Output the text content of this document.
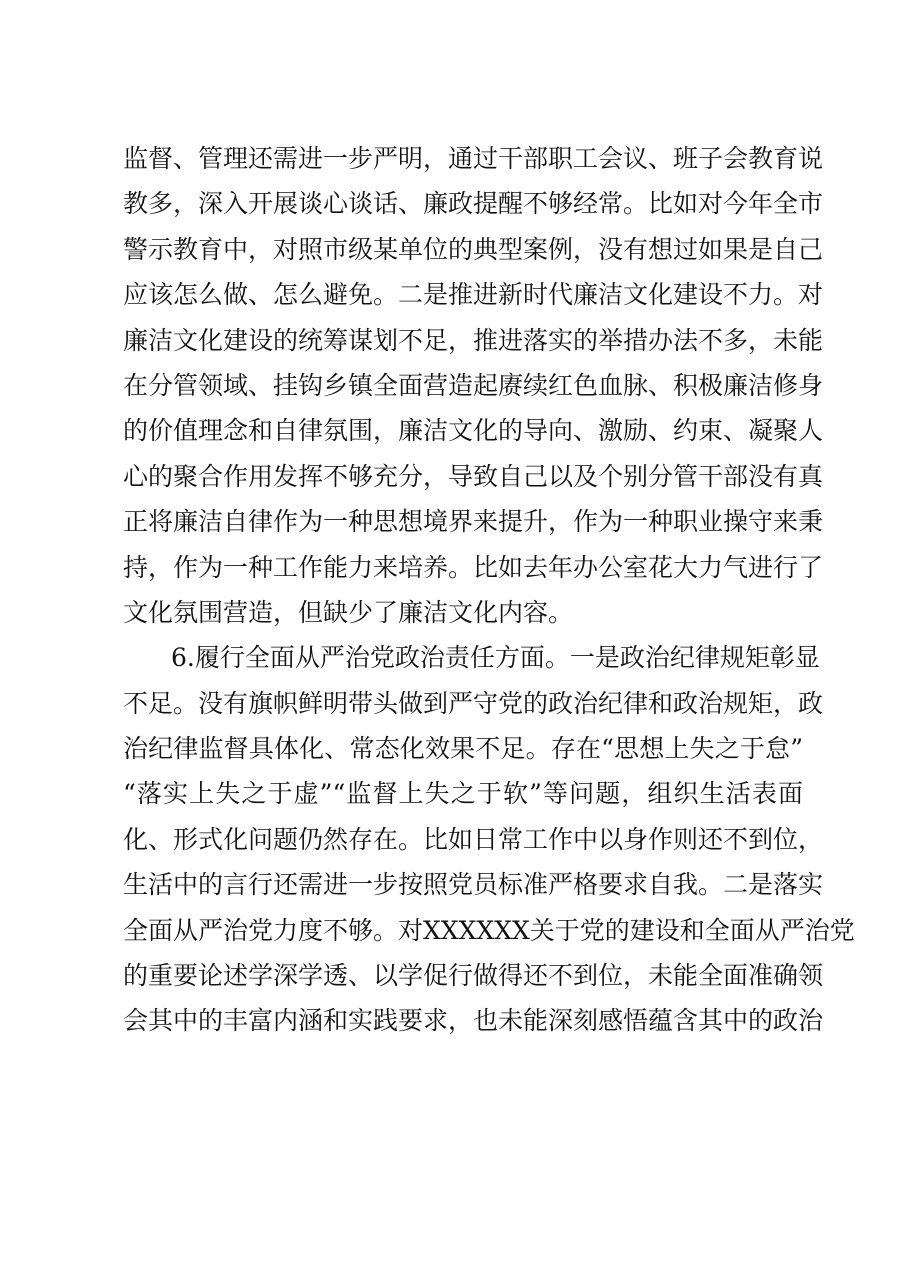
监督、管理还需进一步严明，通过干部职工会议、班子会教育说
教多，深入开展谈心谈话、廉政提醒不够经常。比如对今年全市
警示教育中，对照市级某单位的典型案例，没有想过如果是自己
应该怎么做、怎么避免。二是推进新时代廉洁文化建设不力。对
廉洁文化建设的统筹谋划不足，推进落实的举措办法不多，未能
在分管领域、挂钩乡镇全面营造起赓续红色血脉、积极廉洁修身
的价值理念和自律氛围，廉洁文化的导向、激励、约束、凝聚人
心的聚合作用发挥不够充分，导致自己以及个别分管干部没有真
正将廉洁自律作为一种思想境界来提升，作为一种职业操守来秉
持，作为一种工作能力来培养。比如去年办公室花大力气进行了
文化氛围营造，但缺少了廉洁文化内容。
6.履行全面从严治党政治责任方面。一是政治纪律规矩彰显
不足。没有旗帜鲜明带头做到严守党的政治纪律和政治规矩，政
治纪律监督具体化、常态化效果不足。存在“思想上失之于怠”
“落实上失之于虚”“监督上失之于软”等问题，组织生活表面
化、形式化问题仍然存在。比如日常工作中以身作则还不到位，
生活中的言行还需进一步按照党员标准严格要求自我。二是落实
全面从严治党力度不够。对XXXXXX关于党的建设和全面从严治党
的重要论述学深学透、以学促行做得还不到位，未能全面准确领
会其中的丰富内涵和实践要求，也未能深刻感悟蕴含其中的政治
